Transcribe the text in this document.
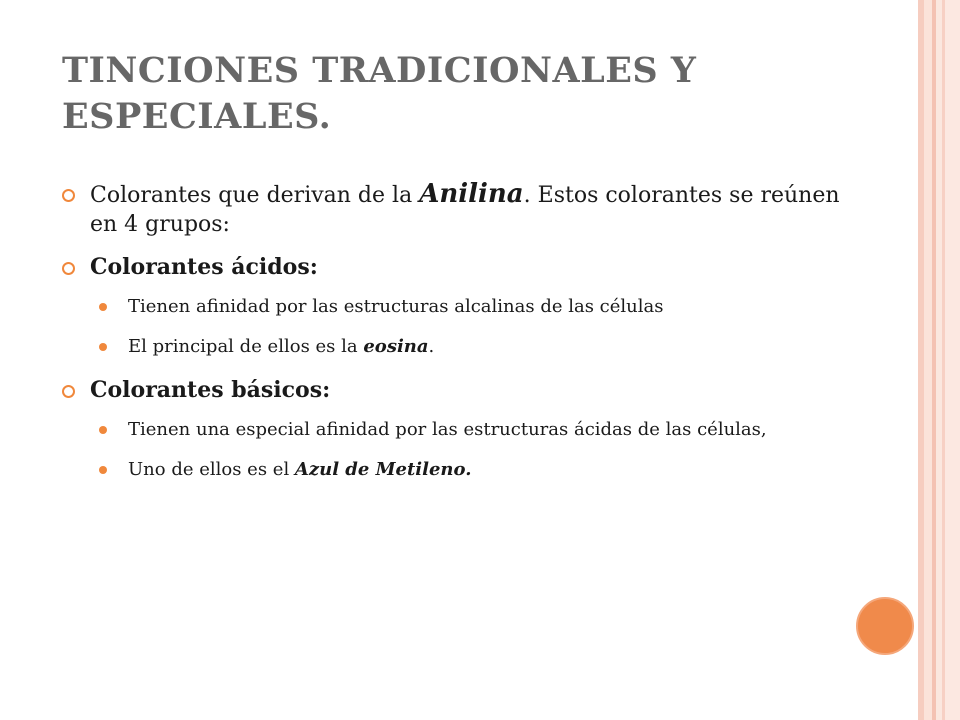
TINCIONES TRADICIONALES Y ESPECIALES.
Colorantes que derivan de la Anilina. Estos colorantes se reúnen en 4 grupos:
Colorantes ácidos:
Tienen afinidad por las estructuras alcalinas de las células
El principal de ellos es la eosina.
Colorantes básicos:
Tienen una especial afinidad por las estructuras ácidas de las células,
Uno de ellos es el Azul de Metileno.
